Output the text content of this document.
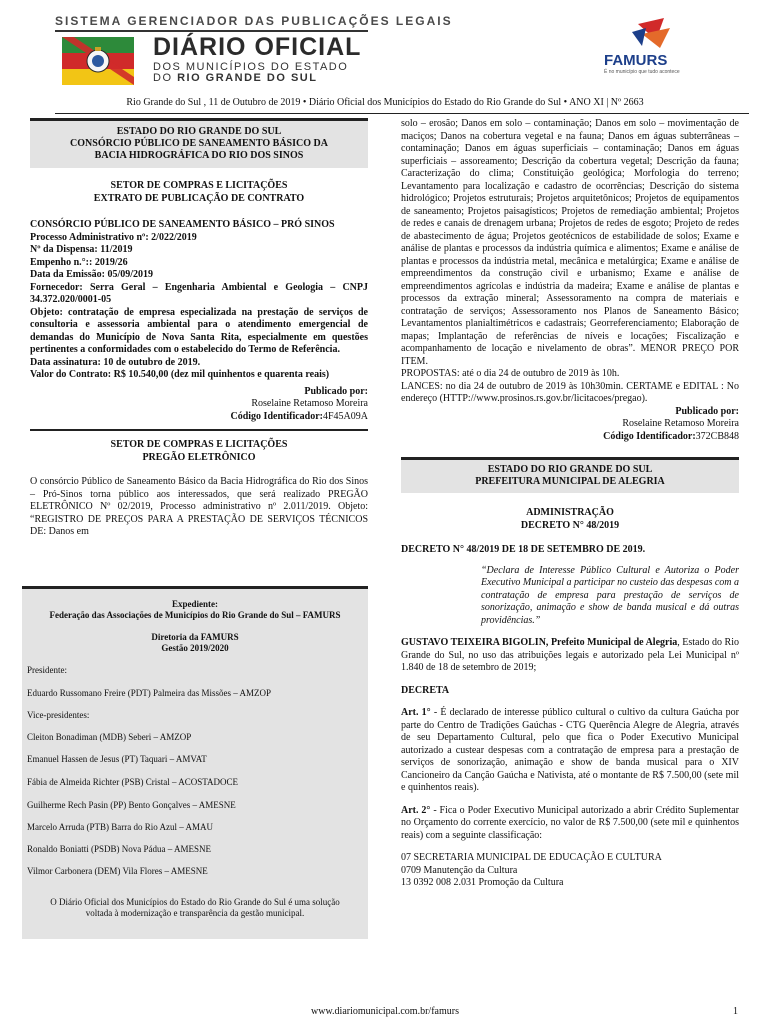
SISTEMA GERENCIADOR DAS PUBLICAÇÕES LEGAIS
DIÁRIO OFICIAL
DOS MUNICÍPIOS DO ESTADO
DO RIO GRANDE DO SUL
FAMURS
É no município que tudo acontece
Rio Grande do Sul , 11 de Outubro de 2019 • Diário Oficial dos Municípios do Estado do Rio Grande do Sul • ANO XI | Nº 2663
ESTADO DO RIO GRANDE DO SUL
CONSÓRCIO PÚBLICO DE SANEAMENTO BÁSICO DA
BACIA HIDROGRÁFICA DO RIO DOS SINOS
SETOR DE COMPRAS E LICITAÇÕES
EXTRATO DE PUBLICAÇÃO DE CONTRATO

CONSÓRCIO PÚBLICO DE SANEAMENTO BÁSICO – PRÓ SINOS

Processo Administrativo nº: 2/022/2019

Nº da Dispensa: 11/2019

Empenho n.°:: 2019/26

Data da Emissão: 05/09/2019

Fornecedor: Serra Geral – Engenharia Ambiental e Geologia – CNPJ 34.372.020/0001-05

Objeto: contratação de empresa especializada na prestação de serviços de consultoria e assessoria ambiental para o atendimento emergencial de demandas do Município de Nova Santa Rita, especialmente em questões pertinentes a conformidades com o estabelecido do Termo de Referência.

Data assinatura: 10 de outubro de 2019.

Valor do Contrato: R$ 10.540,00 (dez mil quinhentos e quarenta reais)

Publicado por:
Roselaine Retamoso Moreira
Código Identificador:4F45A09A
SETOR DE COMPRAS E LICITAÇÕES
PREGÃO ELETRÔNICO

O consórcio Público de Saneamento Básico da Bacia Hidrográfica do Rio dos Sinos – Pró-Sinos torna público aos interessados, que será realizado PREGÃO ELETRÔNICO Nº 02/2019, Processo administrativo nº 2.011/2019. Objeto: “REGISTRO DE PREÇOS PARA A PRESTAÇÃO DE SERVIÇOS TÉCNICOS DE: Danos em

Expediente:
Federação das Associações de Municípios do Rio Grande do Sul – FAMURS
Diretoria da FAMURS
Gestão 2019/2020
Presidente:
Eduardo Russomano Freire (PDT) Palmeira das Missões – AMZOP
Vice-presidentes:
Cleiton Bonadiman (MDB) Seberi – AMZOP
Emanuel Hassen de Jesus (PT) Taquari – AMVAT
Fábia de Almeida Richter (PSB) Cristal – ACOSTADOCE
Guilherme Rech Pasin (PP) Bento Gonçalves – AMESNE
Marcelo Arruda (PTB) Barra do Rio Azul – AMAU
Ronaldo Boniatti (PSDB) Nova Pádua – AMESNE
Vilmor Carbonera (DEM) Vila Flores – AMESNE
O Diário Oficial dos Municípios do Estado do Rio Grande do Sul é uma solução
voltada à modernização e transparência da gestão municipal.

solo – erosão; Danos em solo – contaminação; Danos em solo – movimentação de maciços; Danos na cobertura vegetal e na fauna; Danos em águas subterrâneas – contaminação; Danos em águas superficiais – contaminação; Danos em águas superficiais – assoreamento; Descrição da cobertura vegetal; Descrição da fauna; Caracterização do clima; Constituição geológica; Morfologia do terreno; Levantamento para localização e cadastro de ocorrências; Descrição do sistema hidrológico; Projetos estruturais; Projetos arquitetônicos; Projetos de equipamentos de saneamento; Projetos paisagísticos; Projetos de remediação ambiental; Projetos de redes e canais de drenagem urbana; Projetos de redes de esgoto; Projeto de redes de abastecimento de água; Projetos geotécnicos de estabilidade de solos; Exame e análise de plantas e processos da indústria química e alimentos; Exame e análise de plantas e processos da indústria metal, mecânica e metalúrgica; Exame e análise de empreendimentos da construção civil e urbanismo; Exame e análise de empreendimentos agrícolas e indústria da madeira; Exame e análise de plantas e processos da extração mineral; Assessoramento na compra de materiais e contratação de serviços; Assessoramento nos Planos de Saneamento Básico; Levantamentos planialtimétricos e cadastrais; Georreferenciamento; Elaboração de mapas; Implantação de referências de níveis e locações; Fiscalização e acompanhamento de locação e nivelamento de obras”. MENOR PREÇO POR ITEM.

PROPOSTAS: até o dia 24 de outubro de 2019 às 10h.

LANCES: no dia 24 de outubro de 2019 às 10h30min. CERTAME e EDITAL : No endereço (HTTP://www.prosinos.rs.gov.br/licitacoes/pregao).

Publicado por:
Roselaine Retamoso Moreira
Código Identificador:372CB848
ESTADO DO RIO GRANDE DO SUL
PREFEITURA MUNICIPAL DE ALEGRIA
ADMINISTRAÇÃO
DECRETO N° 48/2019
DECRETO N° 48/2019 DE 18 DE SETEMBRO DE 2019.

“Declara de Interesse Público Cultural e Autoriza o Poder Executivo Municipal a participar no custeio das despesas com a contratação de empresa para prestação de serviços de sonorização, animação e show de banda musical e dá outras providências.”

GUSTAVO TEIXEIRA BIGOLIN, Prefeito Municipal de Alegria, Estado do Rio Grande do Sul, no uso das atribuições legais e autorizado pela Lei Municipal nº 1.840 de 18 de setembro de 2019;

DECRETA

Art. 1° - É declarado de interesse público cultural o cultivo da cultura Gaúcha por parte do Centro de Tradições Gaúchas - CTG Querência Alegre de Alegria, através de seu Departamento Cultural, pelo que fica o Poder Executivo Municipal autorizado a custear despesas com a contratação de empresa para a prestação de serviços de sonorização, animação e show de banda musical para o XIV Cancioneiro da Canção Gaúcha e Nativista, até o montante de R$ 7.500,00 (sete mil e quinhentos reais).

Art. 2° - Fica o Poder Executivo Municipal autorizado a abrir Crédito Suplementar no Orçamento do corrente exercício, no valor de R$ 7.500,00 (sete mil e quinhentos reais) com a seguinte classificação:

07 SECRETARIA MUNICIPAL DE EDUCAÇÃO E CULTURA
0709 Manutenção da Cultura
13 0392 008 2.031 Promoção da Cultura
www.diariomunicipal.com.br/famurs	1
